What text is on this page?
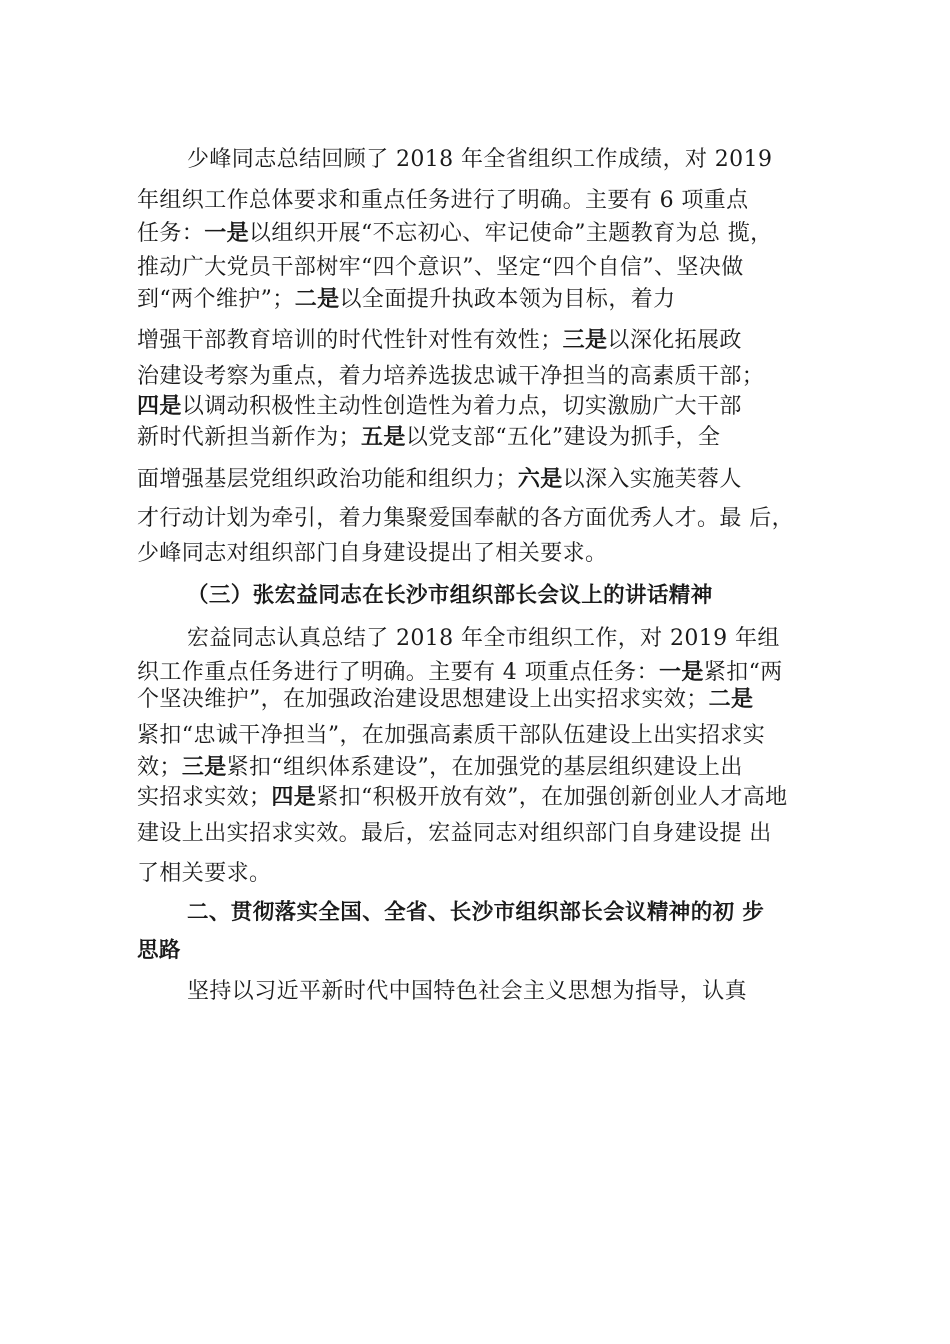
少峰同志总结回顾了 2018 年全省组织工作成绩，对 2019
年组织工作总体要求和重点任务进行了明确。主要有 6 项重点
任务：一是以组织开展“不忘初心、牢记使命”主题教育为总 揽，
推动广大党员干部树牢“四个意识”、坚定“四个自信”、坚决做
到“两个维护”；二是以全面提升执政本领为目标，着力
增强干部教育培训的时代性针对性有效性；三是以深化拓展政
治建设考察为重点，着力培养选拔忠诚干净担当的高素质干部；
四是以调动积极性主动性创造性为着力点，切实激励广大干部
新时代新担当新作为；五是以党支部“五化”建设为抓手，全
面增强基层党组织政治功能和组织力；六是以深入实施芙蓉人
才行动计划为牵引，着力集聚爱国奉献的各方面优秀人才。最 后，
少峰同志对组织部门自身建设提出了相关要求。
（三）张宏益同志在长沙市组织部长会议上的讲话精神
宏益同志认真总结了 2018 年全市组织工作，对 2019 年组
织工作重点任务进行了明确。主要有 4 项重点任务：一是紧扣“两
个坚决维护”，在加强政治建设思想建设上出实招求实效；二是
紧扣“忠诚干净担当”，在加强高素质干部队伍建设上出实招求实
效；三是紧扣“组织体系建设”，在加强党的基层组织建设上出
实招求实效；四是紧扣“积极开放有效”，在加强创新创业人才高地
建设上出实招求实效。最后，宏益同志对组织部门自身建设提 出
了相关要求。
二、贯彻落实全国、全省、长沙市组织部长会议精神的初 步
思路
坚持以习近平新时代中国特色社会主义思想为指导，认真
